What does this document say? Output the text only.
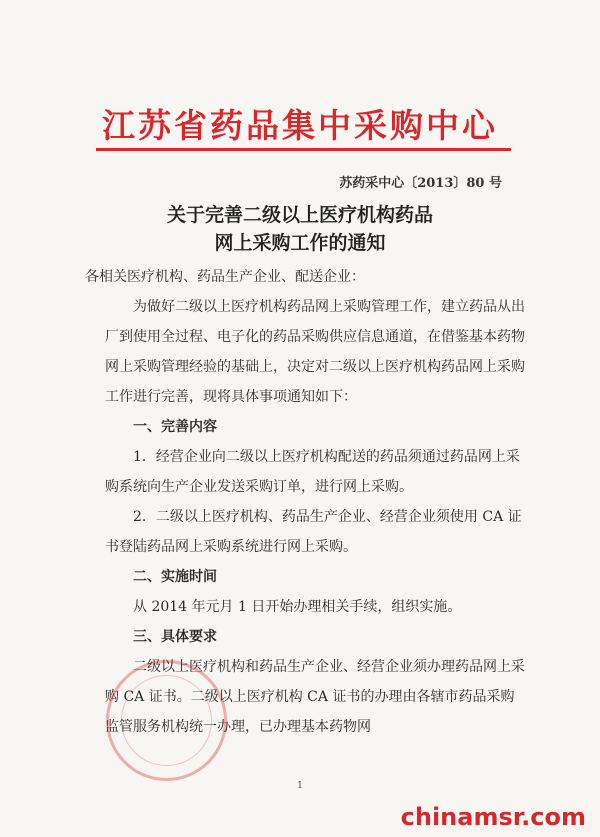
江苏省药品集中采购中心
苏药采中心〔2013〕80 号
关于完善二级以上医疗机构药品
网上采购工作的通知

各相关医疗机构、药品生产企业、配送企业：

为做好二级以上医疗机构药品网上采购管理工作，建立药品从出厂到使用全过程、电子化的药品采购供应信息通道，在借鉴基本药物网上采购管理经验的基础上，决定对二级以上医疗机构药品网上采购工作进行完善，现将具体事项通知如下：

一、完善内容

1．经营企业向二级以上医疗机构配送的药品须通过药品网上采购系统向生产企业发送采购订单，进行网上采购。

2．二级以上医疗机构、药品生产企业、经营企业须使用 CA 证书登陆药品网上采购系统进行网上采购。

二、实施时间

从 2014 年元月 1 日开始办理相关手续，组织实施。

三、具体要求

二级以上医疗机构和药品生产企业、经营企业须办理药品网上采购 CA 证书。二级以上医疗机构 CA 证书的办理由各辖市药品采购监管服务机构统一办理，已办理基本药物网

1
chinamsr.com
